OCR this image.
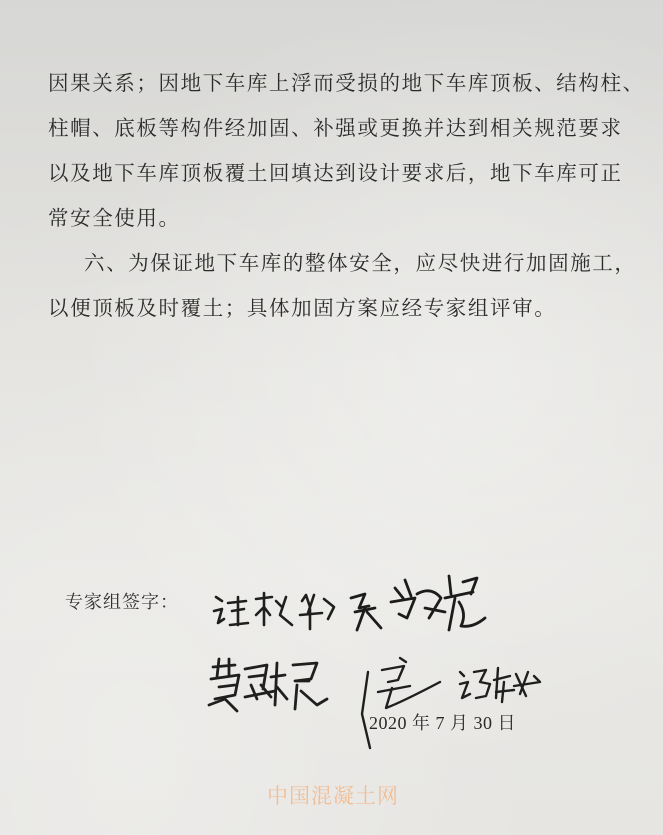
因果关系；因地下车库上浮而受损的地下车库顶板、结构柱、
柱帽、底板等构件经加固、补强或更换并达到相关规范要求
以及地下车库顶板覆土回填达到设计要求后，地下车库可正
常安全使用。
六、为保证地下车库的整体安全，应尽快进行加固施工，
以便顶板及时覆土；具体加固方案应经专家组评审。
专家组签字：
2020 年 7 月 30 日
中国混凝土网
